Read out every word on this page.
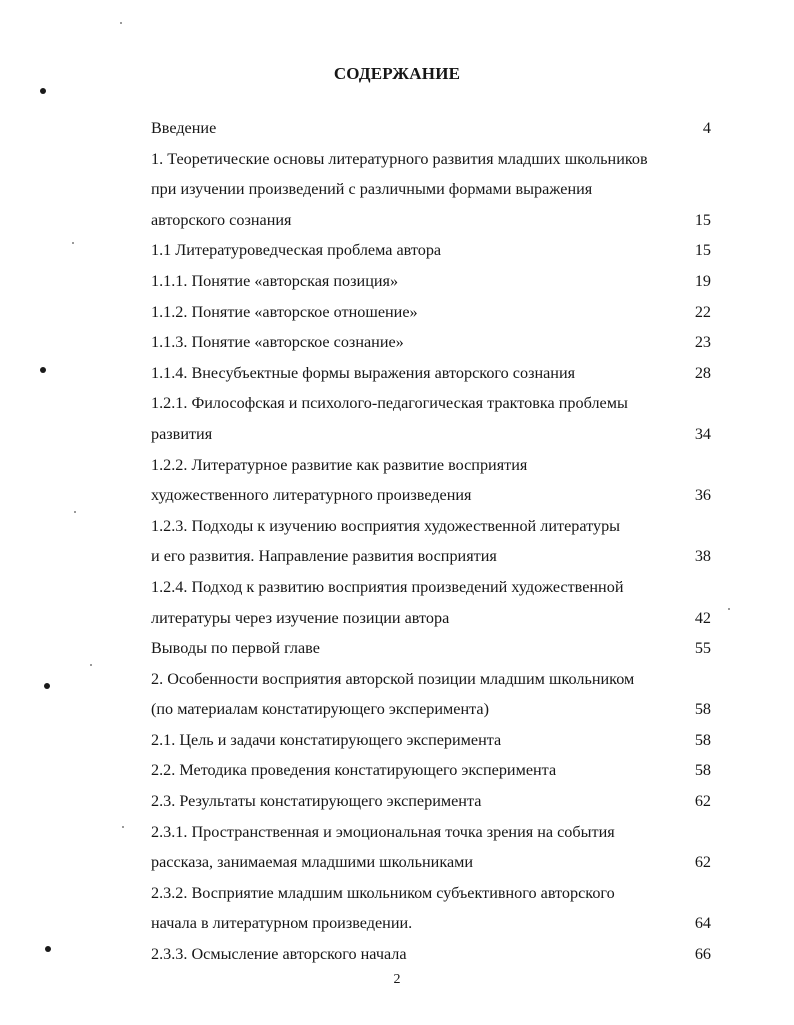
СОДЕРЖАНИЕ
Введение	4
1. Теоретические основы литературного развития младших школьников
при изучении произведений с различными формами выражения
авторского сознания	15
1.1 Литературоведческая проблема автора	15
1.1.1. Понятие «авторская позиция»	19
1.1.2. Понятие «авторское отношение»	22
1.1.3. Понятие «авторское сознание»	23
1.1.4. Внесубъектные формы выражения авторского сознания	28
1.2.1. Философская и психолого-педагогическая трактовка проблемы
развития	34
1.2.2. Литературное развитие как развитие восприятия
художественного литературного произведения	36
1.2.3. Подходы к изучению восприятия художественной литературы
и его развития. Направление развития восприятия	38
1.2.4. Подход к развитию восприятия произведений художественной
литературы через изучение позиции автора	42
Выводы по первой главе	55
2. Особенности восприятия авторской позиции младшим школьником
(по материалам констатирующего эксперимента)	58
2.1. Цель и задачи констатирующего эксперимента	58
2.2. Методика проведения констатирующего эксперимента	58
2.3. Результаты констатирующего эксперимента	62
2.3.1. Пространственная и эмоциональная точка зрения на события
рассказа, занимаемая младшими школьниками	62
2.3.2. Восприятие младшим школьником субъективного авторского
начала в литературном произведении.	64
2.3.3. Осмысление авторского начала	66
2
